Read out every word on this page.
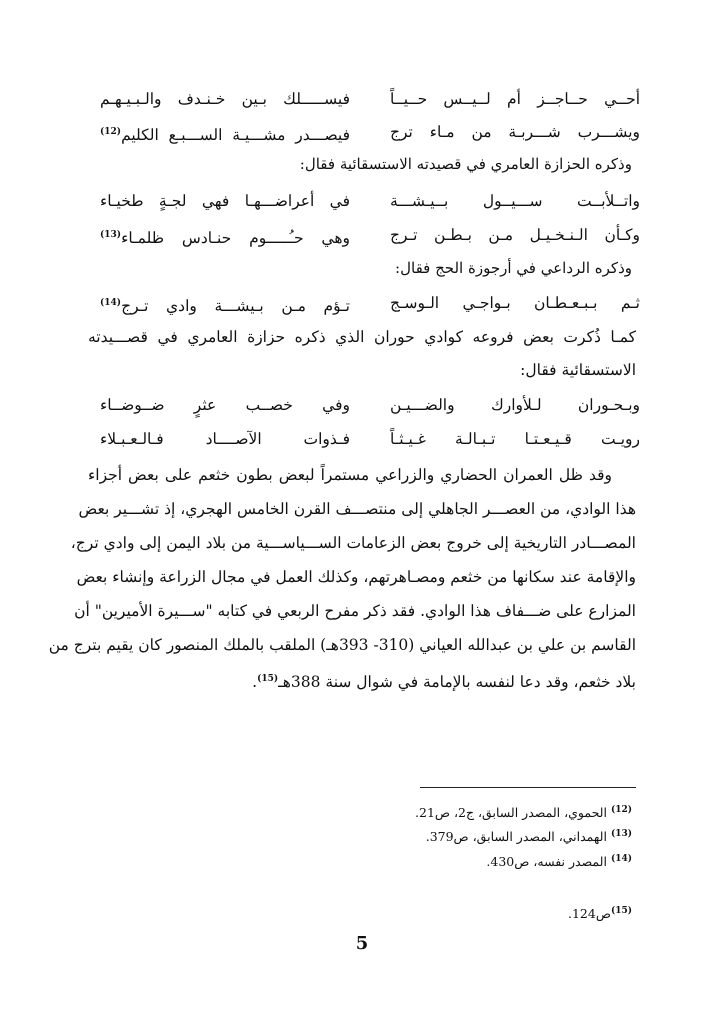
أحــي حــاجــز أم لــيــس حــيــاً
فيســـــلك بـين خـنـدف والـبـيـهـم
ويشـــرب شـــربـة من مـاء ترج
فيصـــدر مشـــيـة الســـبـع الكليم$^{(12)}$
وذكره الحزازة العامري في قصيدته الاستسقائية فقال:
واتــلأبــت ســـيــول بــيـشـــة
في أعراضـــهـا فهي لجـةٍ طخيـاء
وكـأن الـنـخـيـل مـن بـطـن تـرج
وهي حـُـــــوم حنـادس ظلمـاء$^{(13)}$
وذكره الرداعي في أرجوزة الحج فقال:
ثـم بـبـعـطـان بـواجـي الـوسـج
تـؤم مـن بـيشـــة وادي تـرج$^{(14)}$
كمـا ذُكرت بعض فروعه كوادي حوران الذي ذكره حزازة العامري في قصـــيدته
الاستسقائية فقال:
وبـحـوران لـلأوارك والضـــيـن
وفي خصــب عثرٍ ضــوضــاء
رويـت قـيـعـتـا تـبـالـة غـيـثـاً
فـذوات الآصــــاد فـالـعـبـلاء
وقد ظل العمران الحضاري والزراعي مستمراً لبعض بطون خثعم على بعض أجزاء
هذا الوادي، من العصـــر الجاهلي إلى منتصـــف القرن الخامس الهجري، إذ تشـــير بعض
المصـــادر التاريخية إلى خروج بعض الزعامات الســـياســـية من بلاد اليمن إلى وادي ترج،
والإقامة عند سكانها من خثعم ومصـاهرتهم، وكذلك العمل في مجال الزراعة وإنشاء بعض
المزارع على ضـــفاف هذا الوادي. فقد ذكر مفرح الربعي في كتابه "ســـيرة الأميرين" أن
القاسم بن علي بن عبدالله العياني (310- 393هـ) الملقب بالملك المنصور كان يقيم بترج من
بلاد خثعم، وقد دعا لنفسه بالإمامة في شوال سنة 388هـ$^{(15)}$.
$^{(12)}$ الحموي، المصدر السابق، ج2، ص21.
$^{(13)}$ الهمداني، المصدر السابق، ص379.
$^{(14)}$ المصدر نفسه، ص430.
$^{(15)}$ص124.
5
